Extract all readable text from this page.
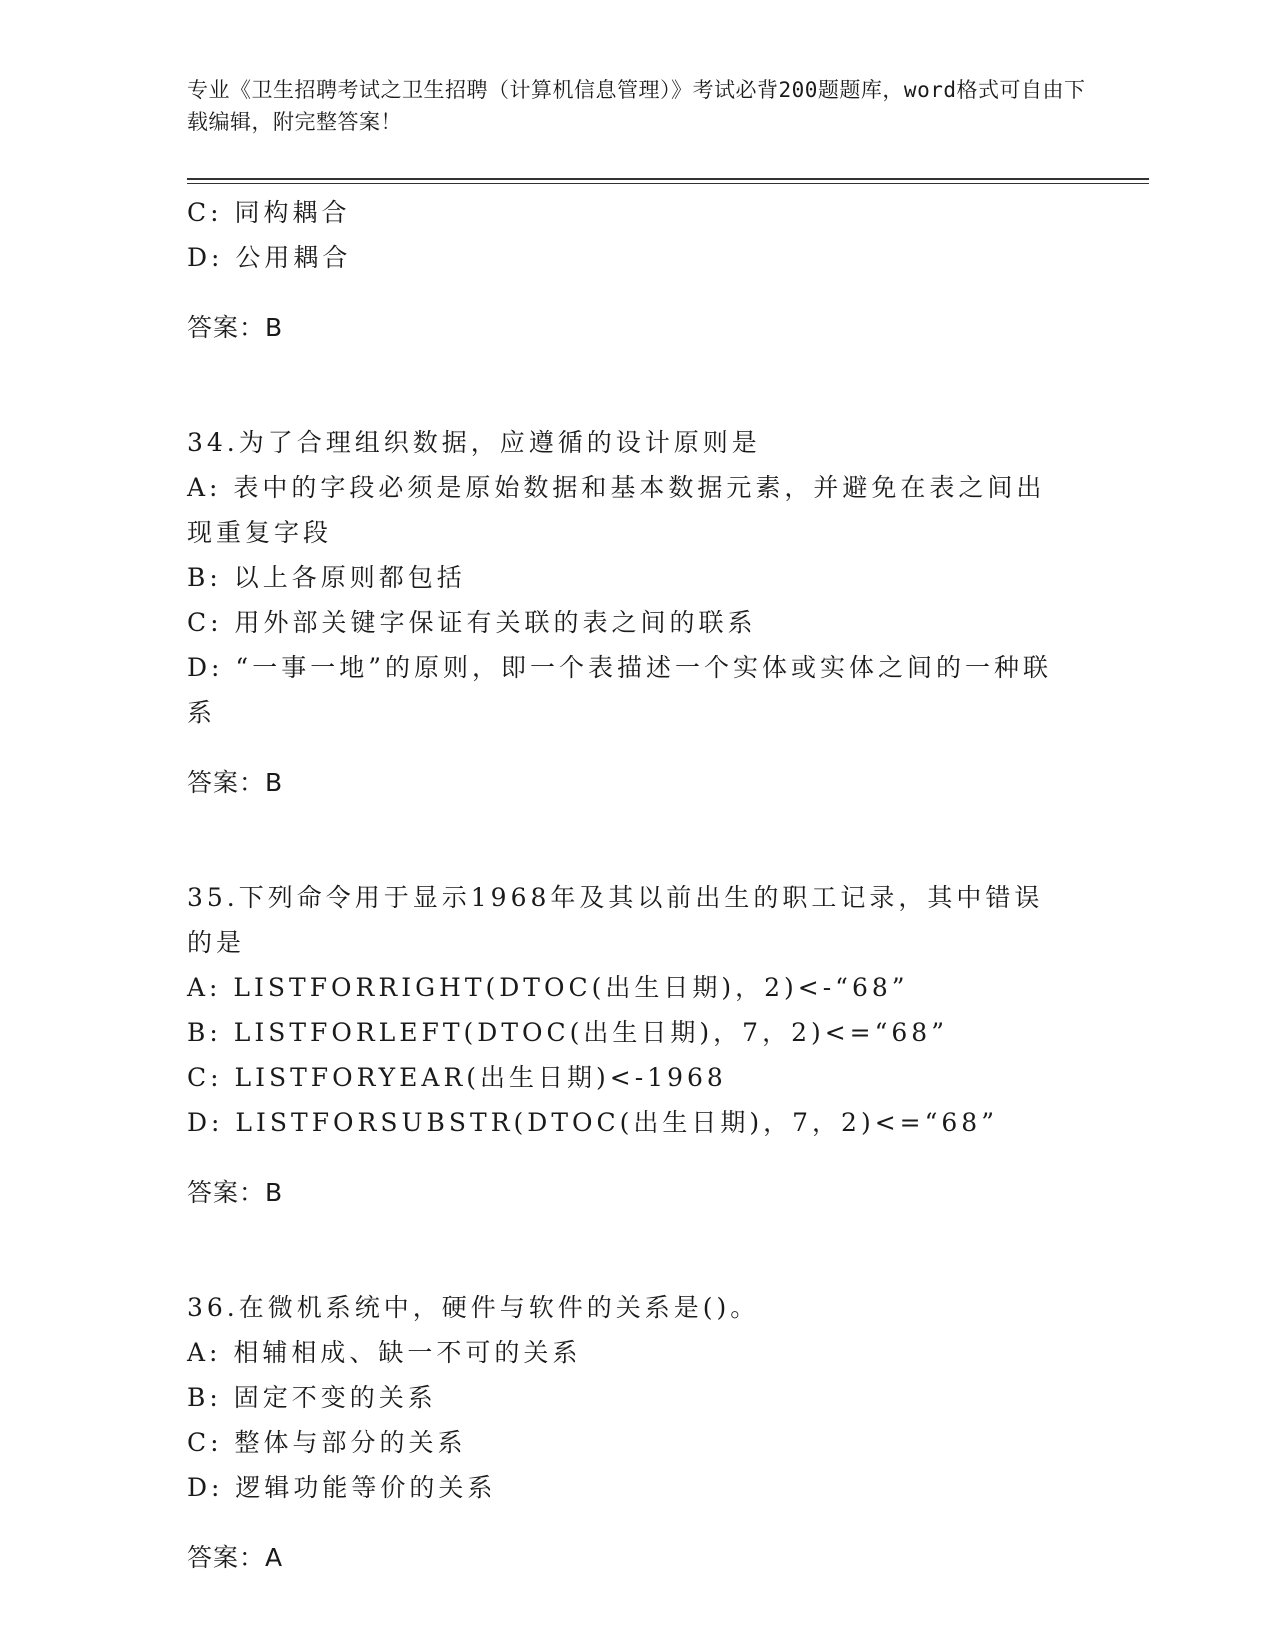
专业《卫生招聘考试之卫生招聘（计算机信息管理）》考试必背200题题库，word格式可自由下载编辑，附完整答案！

C: 同构耦合

D: 公用耦合

答案：B

34.为了合理组织数据，应遵循的设计原则是

A: 表中的字段必须是原始数据和基本数据元素，并避免在表之间出现重复字段

B: 以上各原则都包括

C: 用外部关键字保证有关联的表之间的联系

D: “一事一地”的原则，即一个表描述一个实体或实体之间的一种联系

答案：B

35.下列命令用于显示1968年及其以前出生的职工记录，其中错误的是

A: LISTFORRIGHT(DTOC(出生日期)，2)<-“68”

B: LISTFORLEFT(DTOC(出生日期)，7，2)<=“68”

C: LISTFORYEAR(出生日期)<-1968

D: LISTFORSUBSTR(DTOC(出生日期)，7，2)<=“68”

答案：B

36.在微机系统中，硬件与软件的关系是()。

A: 相辅相成、缺一不可的关系

B: 固定不变的关系

C: 整体与部分的关系

D: 逻辑功能等价的关系

答案：A
